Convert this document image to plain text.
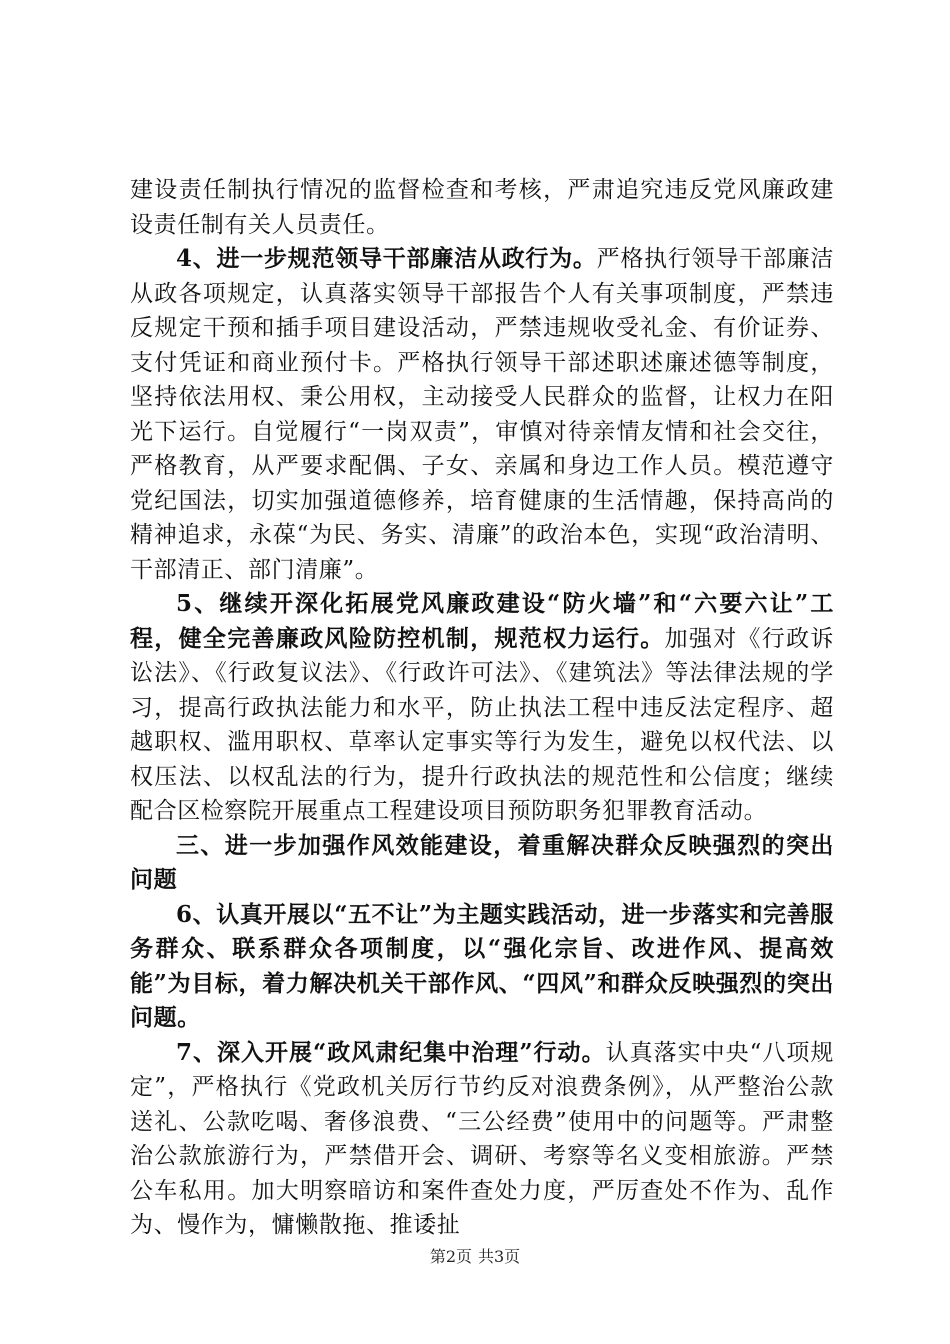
建设责任制执行情况的监督检查和考核，严肃追究违反党风廉政建设责任制有关人员责任。

4、进一步规范领导干部廉洁从政行为。严格执行领导干部廉洁从政各项规定，认真落实领导干部报告个人有关事项制度，严禁违反规定干预和插手项目建设活动，严禁违规收受礼金、有价证券、支付凭证和商业预付卡。严格执行领导干部述职述廉述德等制度，坚持依法用权、秉公用权，主动接受人民群众的监督，让权力在阳光下运行。自觉履行“一岗双责”，审慎对待亲情友情和社会交往，严格教育，从严要求配偶、子女、亲属和身边工作人员。模范遵守党纪国法，切实加强道德修养，培育健康的生活情趣，保持高尚的精神追求，永葆“为民、务实、清廉”的政治本色，实现“政治清明、干部清正、部门清廉”。

5、继续开深化拓展党风廉政建设“防火墙”和“六要六让”工程，健全完善廉政风险防控机制，规范权力运行。加强对《行政诉讼法》、《行政复议法》、《行政许可法》、《建筑法》等法律法规的学习，提高行政执法能力和水平，防止执法工程中违反法定程序、超越职权、滥用职权、草率认定事实等行为发生，避免以权代法、以权压法、以权乱法的行为，提升行政执法的规范性和公信度；继续配合区检察院开展重点工程建设项目预防职务犯罪教育活动。

三、进一步加强作风效能建设，着重解决群众反映强烈的突出问题

6、认真开展以“五不让”为主题实践活动，进一步落实和完善服务群众、联系群众各项制度，以“强化宗旨、改进作风、提高效能”为目标，着力解决机关干部作风、“四风”和群众反映强烈的突出问题。

7、深入开展“政风肃纪集中治理”行动。认真落实中央“八项规定”，严格执行《党政机关厉行节约反对浪费条例》，从严整治公款送礼、公款吃喝、奢侈浪费、“三公经费”使用中的问题等。严肃整治公款旅游行为，严禁借开会、调研、考察等名义变相旅游。严禁公车私用。加大明察暗访和案件查处力度，严厉查处不作为、乱作为、慢作为，慵懒散拖、推诿扯

第2页 共3页
